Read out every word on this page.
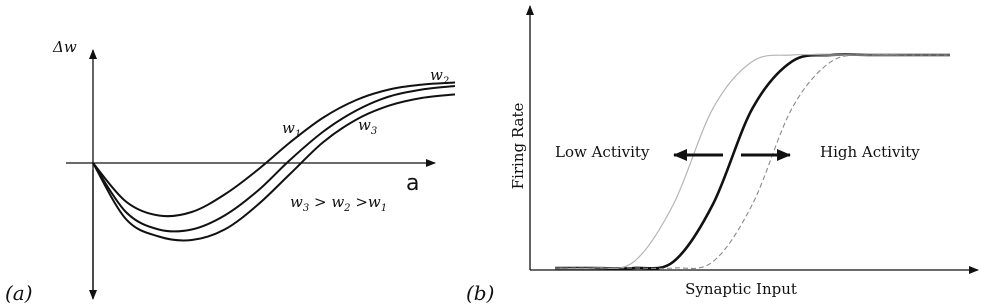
Δw
a
$w_1$
$w_2$
$w_3$
$w_3 > w_2 >w_1$
(a)
Firing Rate
Synaptic Input
Low Activity	High Activity
(b)
